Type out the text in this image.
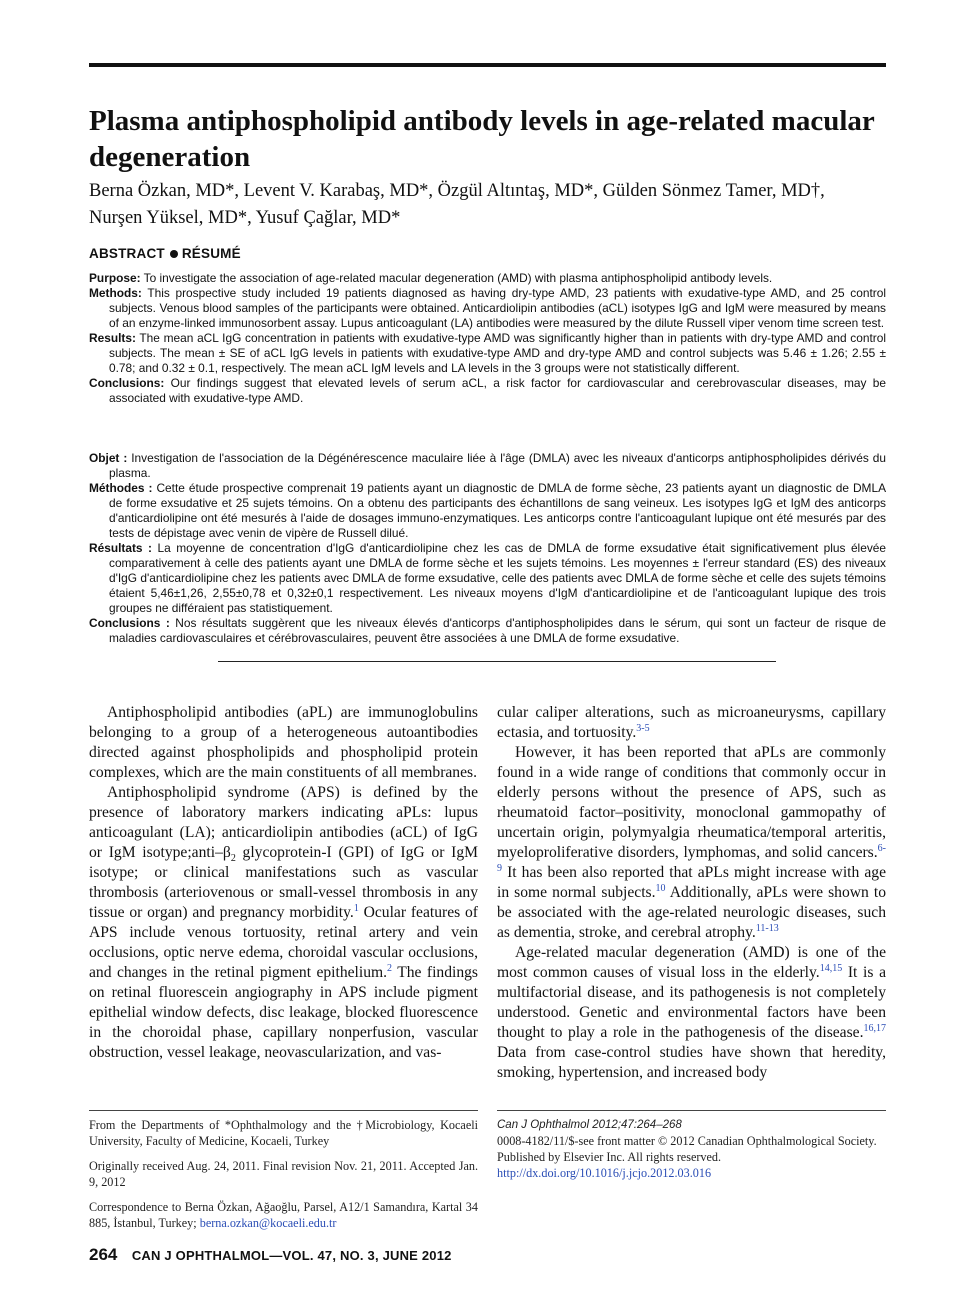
Plasma antiphospholipid antibody levels in age-related macular degeneration
Berna Özkan, MD*, Levent V. Karabaş, MD*, Özgül Altıntaş, MD*, Gülden Sönmez Tamer, MD†,
Nurşen Yüksel, MD*, Yusuf Çağlar, MD*
ABSTRACT RÉSUMÉ

Purpose: To investigate the association of age-related macular degeneration (AMD) with plasma antiphospholipid antibody levels.

Methods: This prospective study included 19 patients diagnosed as having dry-type AMD, 23 patients with exudative-type AMD, and 25 control subjects. Venous blood samples of the participants were obtained. Anticardiolipin antibodies (aCL) isotypes IgG and IgM were measured by means of an enzyme-linked immunosorbent assay. Lupus anticoagulant (LA) antibodies were measured by the dilute Russell viper venom time screen test.

Results: The mean aCL IgG concentration in patients with exudative-type AMD was significantly higher than in patients with dry-type AMD and control subjects. The mean ± SE of aCL IgG levels in patients with exudative-type AMD and dry-type AMD and control subjects was 5.46 ± 1.26; 2.55 ± 0.78; and 0.32 ± 0.1, respectively. The mean aCL IgM levels and LA levels in the 3 groups were not statistically different.

Conclusions: Our findings suggest that elevated levels of serum aCL, a risk factor for cardiovascular and cerebrovascular diseases, may be associated with exudative-type AMD.

Objet : Investigation de l'association de la Dégénérescence maculaire liée à l'âge (DMLA) avec les niveaux d'anticorps antiphospholipides dérivés du plasma.

Méthodes : Cette étude prospective comprenait 19 patients ayant un diagnostic de DMLA de forme sèche, 23 patients ayant un diagnostic de DMLA de forme exsudative et 25 sujets témoins. On a obtenu des participants des échantillons de sang veineux. Les isotypes IgG et IgM des anticorps d'anticardiolipine ont été mesurés à l'aide de dosages immuno-enzymatiques. Les anticorps contre l'anticoagulant lupique ont été mesurés par des tests de dépistage avec venin de vipère de Russell dilué.

Résultats : La moyenne de concentration d'IgG d'anticardiolipine chez les cas de DMLA de forme exsudative était significativement plus élevée comparativement à celle des patients ayant une DMLA de forme sèche et les sujets témoins. Les moyennes ± l'erreur standard (ES) des niveaux d'IgG d'anticardiolipine chez les patients avec DMLA de forme exsudative, celle des patients avec DMLA de forme sèche et celle des sujets témoins étaient 5,46±1,26, 2,55±0,78 et 0,32±0,1 respectivement. Les niveaux moyens d'IgM d'anticardiolipine et de l'anticoagulant lupique des trois groupes ne différaient pas statistiquement.

Conclusions : Nos résultats suggèrent que les niveaux élevés d'anticorps d'antiphospholipides dans le sérum, qui sont un facteur de risque de maladies cardiovasculaires et cérébrovasculaires, peuvent être associées à une DMLA de forme exsudative.

Antiphospholipid antibodies (aPL) are immunoglobulins belonging to a group of a heterogeneous autoantibodies directed against phospholipids and phospholipid protein complexes, which are the main constituents of all membranes.

Antiphospholipid syndrome (APS) is defined by the presence of laboratory markers indicating aPLs: lupus anticoagulant (LA); anticardiolipin antibodies (aCL) of IgG or IgM $isotype;anti-\beta_2$ glycoprotein-I (GPI) of IgG or IgM isotype; or clinical manifestations such as vascular thrombosis (arteriovenous or small-vessel thrombosis in any tissue or organ) and pregnancy morbidity.$^1$ Ocular features of APS include venous tortuosity, retinal artery and vein occlusions, optic nerve edema, choroidal vascular occlusions, and changes in the retinal pigment epithelium.$^2$ The findings on retinal fluorescein angiography in APS include pigment epithelial window defects, disc leakage, blocked fluorescence in the choroidal phase, capillary nonperfusion, vascular obstruction, vessel leakage, neovascularization, and vas-

cular caliper alterations, such as microaneurysms, capillary ectasia, and tortuosity.$^{3-5}$

However, it has been reported that aPLs are commonly found in a wide range of conditions that commonly occur in elderly persons without the presence of APS, such as rheumatoid factor–positivity, monoclonal gammopathy of uncertain origin, polymyalgia rheumatica/temporal arteritis, myeloproliferative disorders, lymphomas, and solid cancers.$^{6-9}$ It has been also reported that aPLs might increase with age in some normal subjects.$^{10}$ Additionally, aPLs were shown to be associated with the age-related neurologic diseases, such as dementia, stroke, and cerebral atrophy.$^{11-13}$

Age-related macular degeneration (AMD) is one of the most common causes of visual loss in the elderly.$^{14,15}$ It is a multifactorial disease, and its pathogenesis is not completely understood. Genetic and environmental factors have been thought to play a role in the pathogenesis of the disease.$^{16,17}$ Data from case-control studies have shown that heredity, smoking, hypertension, and increased body

From the Departments of *Ophthalmology and the †Microbiology, Kocaeli University, Faculty of Medicine, Kocaeli, Turkey

Originally received Aug. 24, 2011. Final revision Nov. 21, 2011. Accepted Jan. 9, 2012

Correspondence to Berna Özkan, Ağaoğlu, Parsel, A12/1 Samandıra, Kartal 34 885, İstanbul, Turkey; berna.ozkan@kocaeli.edu.tr

Can J Ophthalmol 2012;47:264–268

0008-4182/11/$-see front matter © 2012 Canadian Ophthalmological Society.

Published by Elsevier Inc. All rights reserved.

http://dx.doi.org/10.1016/j.jcjo.2012.03.016

264 CAN J OPHTHALMOL—VOL. 47, NO. 3, JUNE 2012
